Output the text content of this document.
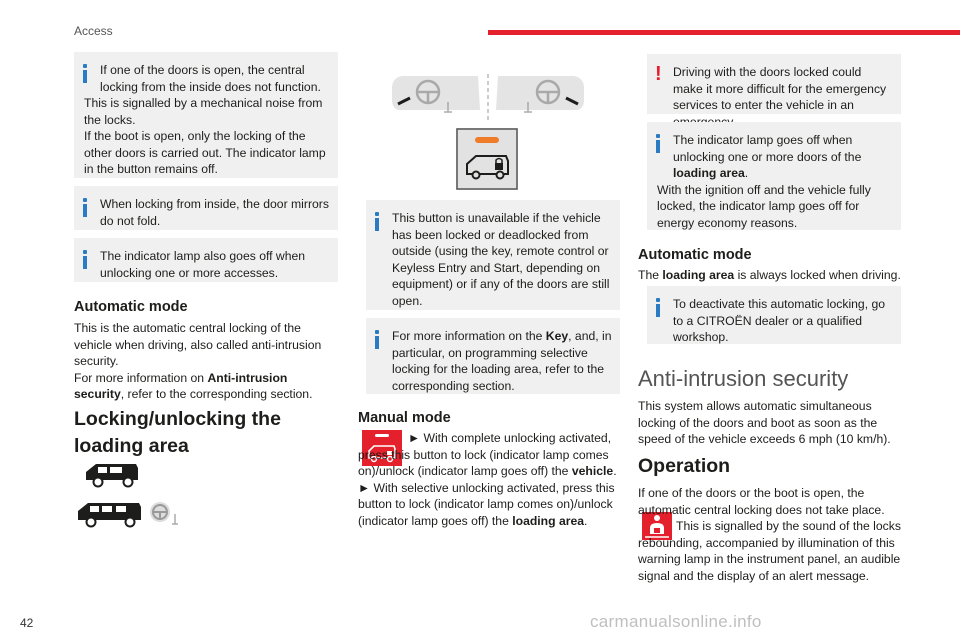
Access

If one of the doors is open, the central locking from the inside does not function.

This is signalled by a mechanical noise from the locks.

If the boot is open, only the locking of the other doors is carried out. The indicator lamp in the button remains off.

When locking from inside, the door mirrors do not fold.

The indicator lamp also goes off when unlocking one or more accesses.

Automatic mode

This is the automatic central locking of the vehicle when driving, also called anti-intrusion security.

For more information on Anti-intrusion security, refer to the corresponding section.

Locking/unlocking the
loading area

This button is unavailable if the vehicle has been locked or deadlocked from outside (using the key, remote control or Keyless Entry and Start, depending on equipment) or if any of the doors are still open.

For more information on the Key, and, in particular, on programming selective locking for the loading area, refer to the corresponding section.

Manual mode

► With complete unlocking activated, press this button to lock (indicator lamp comes on)/unlock (indicator lamp goes off) the vehicle.

► With selective unlocking activated, press this button to lock (indicator lamp comes on)/unlock (indicator lamp goes off) the loading area.

! Driving with the doors locked could make it more difficult for the emergency services to enter the vehicle in an

The indicator lamp goes off when unlocking one or more doors of the loading area.

With the ignition off and the vehicle fully locked, the indicator lamp goes off for energy economy reasons.

Automatic mode

The loading area is always locked when driving.

To deactivate this automatic locking, go to a CITROËN dealer or a qualified workshop.

Anti-intrusion security

This system allows automatic simultaneous locking of the doors and boot as soon as the speed of the vehicle exceeds 6 mph (10 km/h).

Operation

If one of the doors or the boot is open, the automatic central locking does not take place.

This is signalled by the sound of the locks rebounding, accompanied by illumination of this warning lamp in the instrument panel, an audible signal and the display of an alert message.

42	carmanualsonline.info
